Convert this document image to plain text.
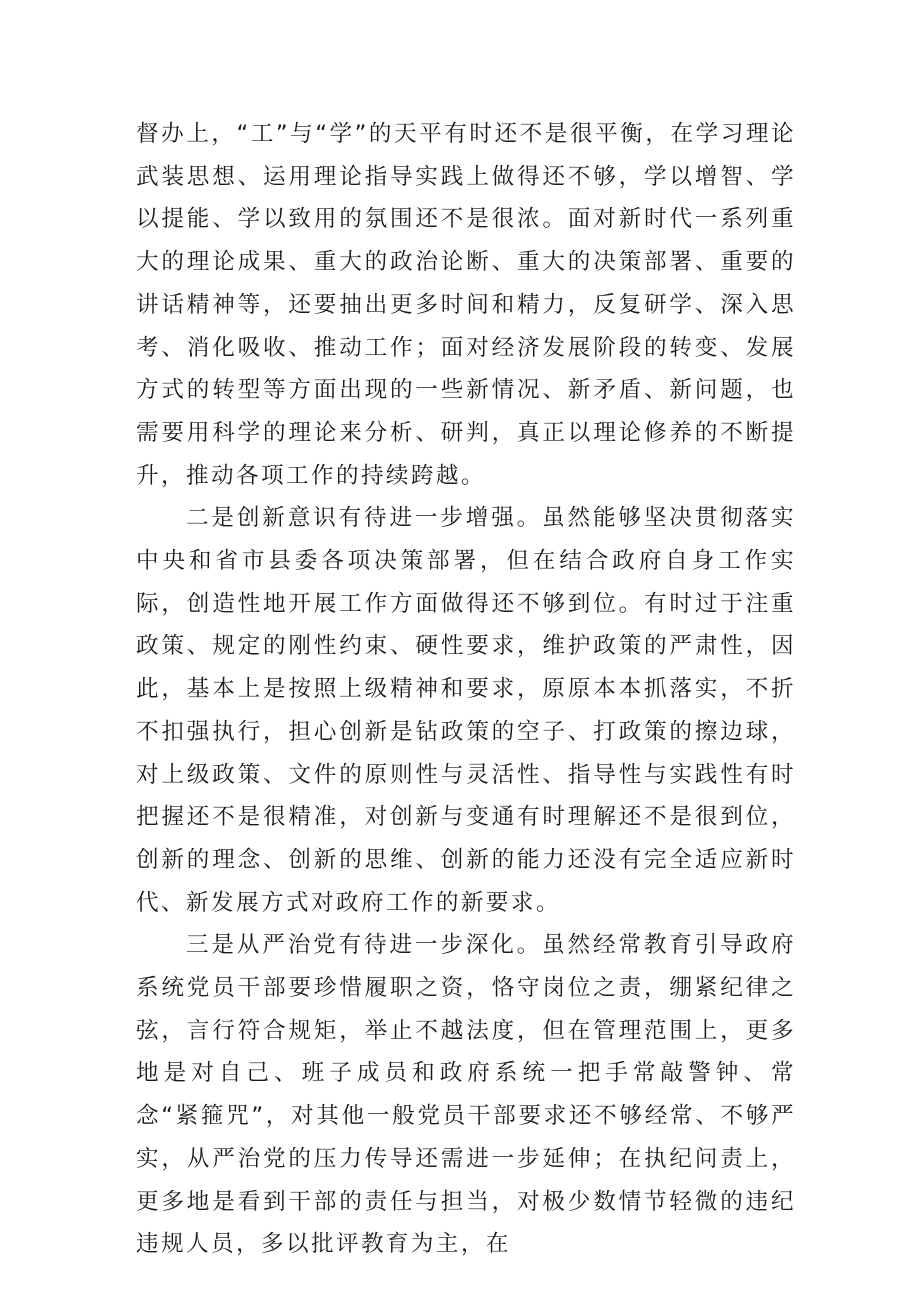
督办上，“工”与“学”的天平有时还不是很平衡，在学习理论武装思想、运用理论指导实践上做得还不够，学以增智、学以提能、学以致用的氛围还不是很浓。面对新时代一系列重大的理论成果、重大的政治论断、重大的决策部署、重要的讲话精神等，还要抽出更多时间和精力，反复研学、深入思考、消化吸收、推动工作；面对经济发展阶段的转变、发展方式的转型等方面出现的一些新情况、新矛盾、新问题，也需要用科学的理论来分析、研判，真正以理论修养的不断提升，推动各项工作的持续跨越。

二是创新意识有待进一步增强。虽然能够坚决贯彻落实中央和省市县委各项决策部署，但在结合政府自身工作实际，创造性地开展工作方面做得还不够到位。有时过于注重政策、规定的刚性约束、硬性要求，维护政策的严肃性，因此，基本上是按照上级精神和要求，原原本本抓落实，不折不扣强执行，担心创新是钻政策的空子、打政策的擦边球，对上级政策、文件的原则性与灵活性、指导性与实践性有时把握还不是很精准，对创新与变通有时理解还不是很到位，创新的理念、创新的思维、创新的能力还没有完全适应新时代、新发展方式对政府工作的新要求。

三是从严治党有待进一步深化。虽然经常教育引导政府系统党员干部要珍惜履职之资，恪守岗位之责，绷紧纪律之弦，言行符合规矩，举止不越法度，但在管理范围上，更多地是对自己、班子成员和政府系统一把手常敲警钟、常念“紧箍咒”，对其他一般党员干部要求还不够经常、不够严实，从严治党的压力传导还需进一步延伸；在执纪问责上，更多地是看到干部的责任与担当，对极少数情节轻微的违纪违规人员，多以批评教育为主，在
